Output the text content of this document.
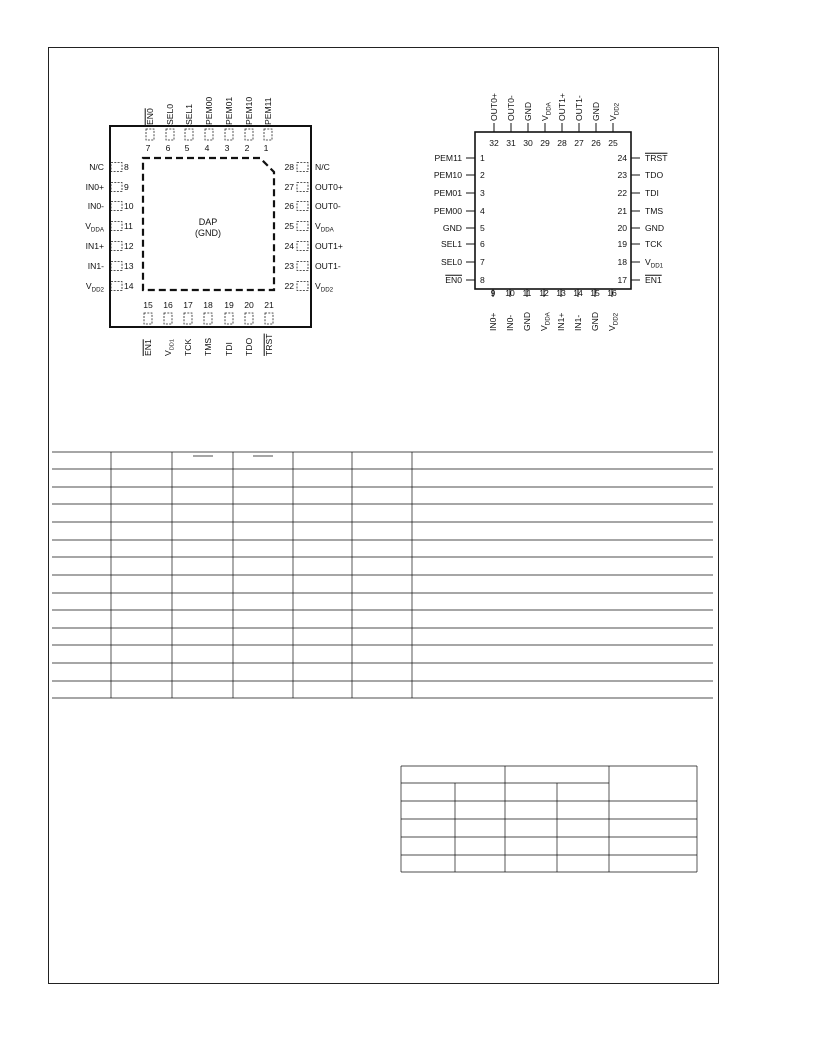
DAP
(GND)
7
EN0
6
SEL0
5
SEL1
4
PEM00
3
PEM01
2
PEM10
1
PEM11
8
N/C
9
IN0+
10
IN0-
11
$V_{DDA}$
12
IN1+
13
IN1-
14
$V_{DD2}$
28 N/C
27 OUT0+
26 OUT0-
25 $V_{DDA}$
24 OUT1+
23 OUT1-
22 $V_{DD2}$
15
EN1
16
$V_{DD1}$
17
TCK
18
TMS
19
TDI
20
TDO
21
TRST
32
OUT0+
31
OUT0-
30
GND
29
$V_{DDA}$
28
OUT1+
27
OUT1-
26
GND
25
$V_{DD2}$
1
PEM11
2
PEM10
3
PEM01
4
PEM00
5
GND
6
SEL1
7
SEL0
8
EN0
24 TRST
23 TDO
22 TDI
21 TMS
20 GND
19 TCK
18 $V_{DD1}$
17 EN1
9
IN0+
10
IN0-
11
GND
12
$V_{DDA}$
13
IN1+
14
IN1-
15
GND
16
$V_{DD2}$
